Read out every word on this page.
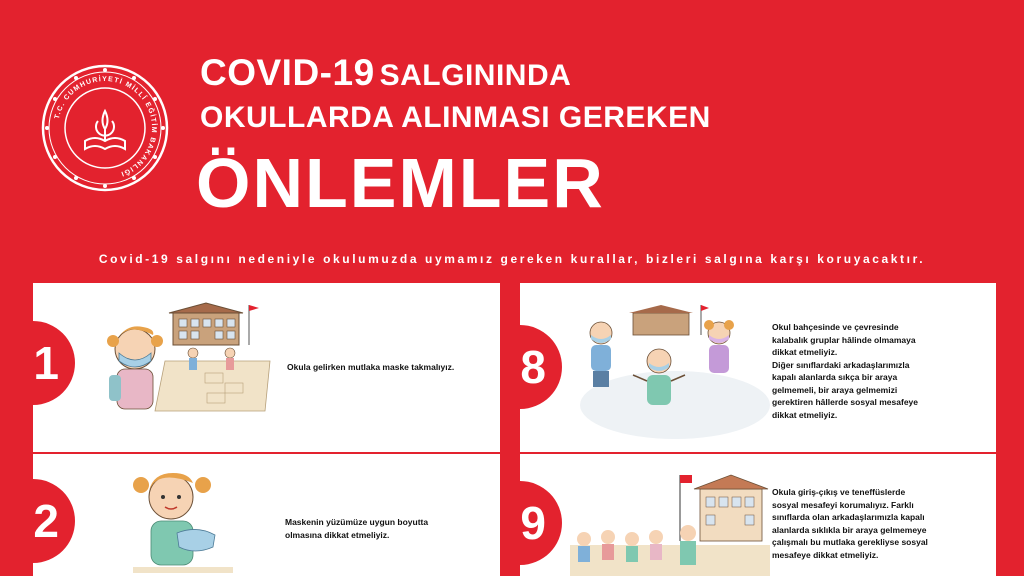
T.C. CUMHURİYETİ MİLLÎ EĞİTİM BAKANLIĞI
COVID-19 SALGININDA
OKULLARDA ALINMASI GEREKEN
ÖNLEMLER
Covid-19 salgını nedeniyle okulumuzda uymamız gereken kurallar, bizleri salgına karşı koruyacaktır.
1	Okula gelirken mutlaka maske takmalıyız.

2	Maskenin yüzümüze uygun boyutta

olmasına dikkat etmeliyiz.

8

Okul bahçesinde ve çevresinde

kalabalık gruplar hâlinde olmamaya

dikkat etmeliyiz.

Diğer sınıflardaki arkadaşlarımızla

kapalı alanlarda sıkça bir araya

gelmemeli, bir araya gelmemizi

gerektiren hâllerde sosyal mesafeye

dikkat etmeliyiz.

9

Okula giriş-çıkış ve teneffüslerde

sosyal mesafeyi korumalıyız. Farklı

sınıflarda olan arkadaşlarımızla kapalı

alanlarda sıklıkla bir araya gelmemeye

çalışmalı bu mutlaka gerekliyse sosyal

mesafeye dikkat etmeliyiz.
